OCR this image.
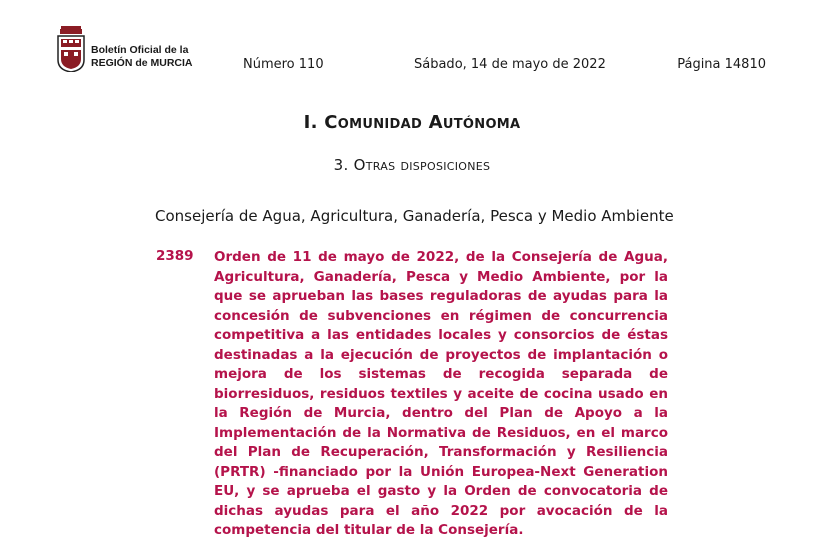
Boletín Oficial de la
REGIÓN de MURCIA	Número 110	Sábado, 14 de mayo de 2022	Página 14810
I. Comunidad Autónoma
3. Otras disposiciones
Consejería de Agua, Agricultura, Ganadería, Pesca y Medio Ambiente
2389 Orden de 11 de mayo de 2022, de la Consejería de Agua, Agricultura, Ganadería, Pesca y Medio Ambiente, por la que se aprueban las bases reguladoras de ayudas para la concesión de subvenciones en régimen de concurrencia competitiva a las entidades locales y consorcios de éstas destinadas a la ejecución de proyectos de implantación o mejora de los sistemas de recogida separada de biorresiduos, residuos textiles y aceite de cocina usado en la Región de Murcia, dentro del Plan de Apoyo a la Implementación de la Normativa de Residuos, en el marco del Plan de Recuperación, Transformación y Resiliencia (PRTR) -financiado por la Unión Europea-Next Generation EU, y se aprueba el gasto y la Orden de convocatoria de dichas ayudas para el año 2022 por avocación de la competencia del titular de la Consejería.
